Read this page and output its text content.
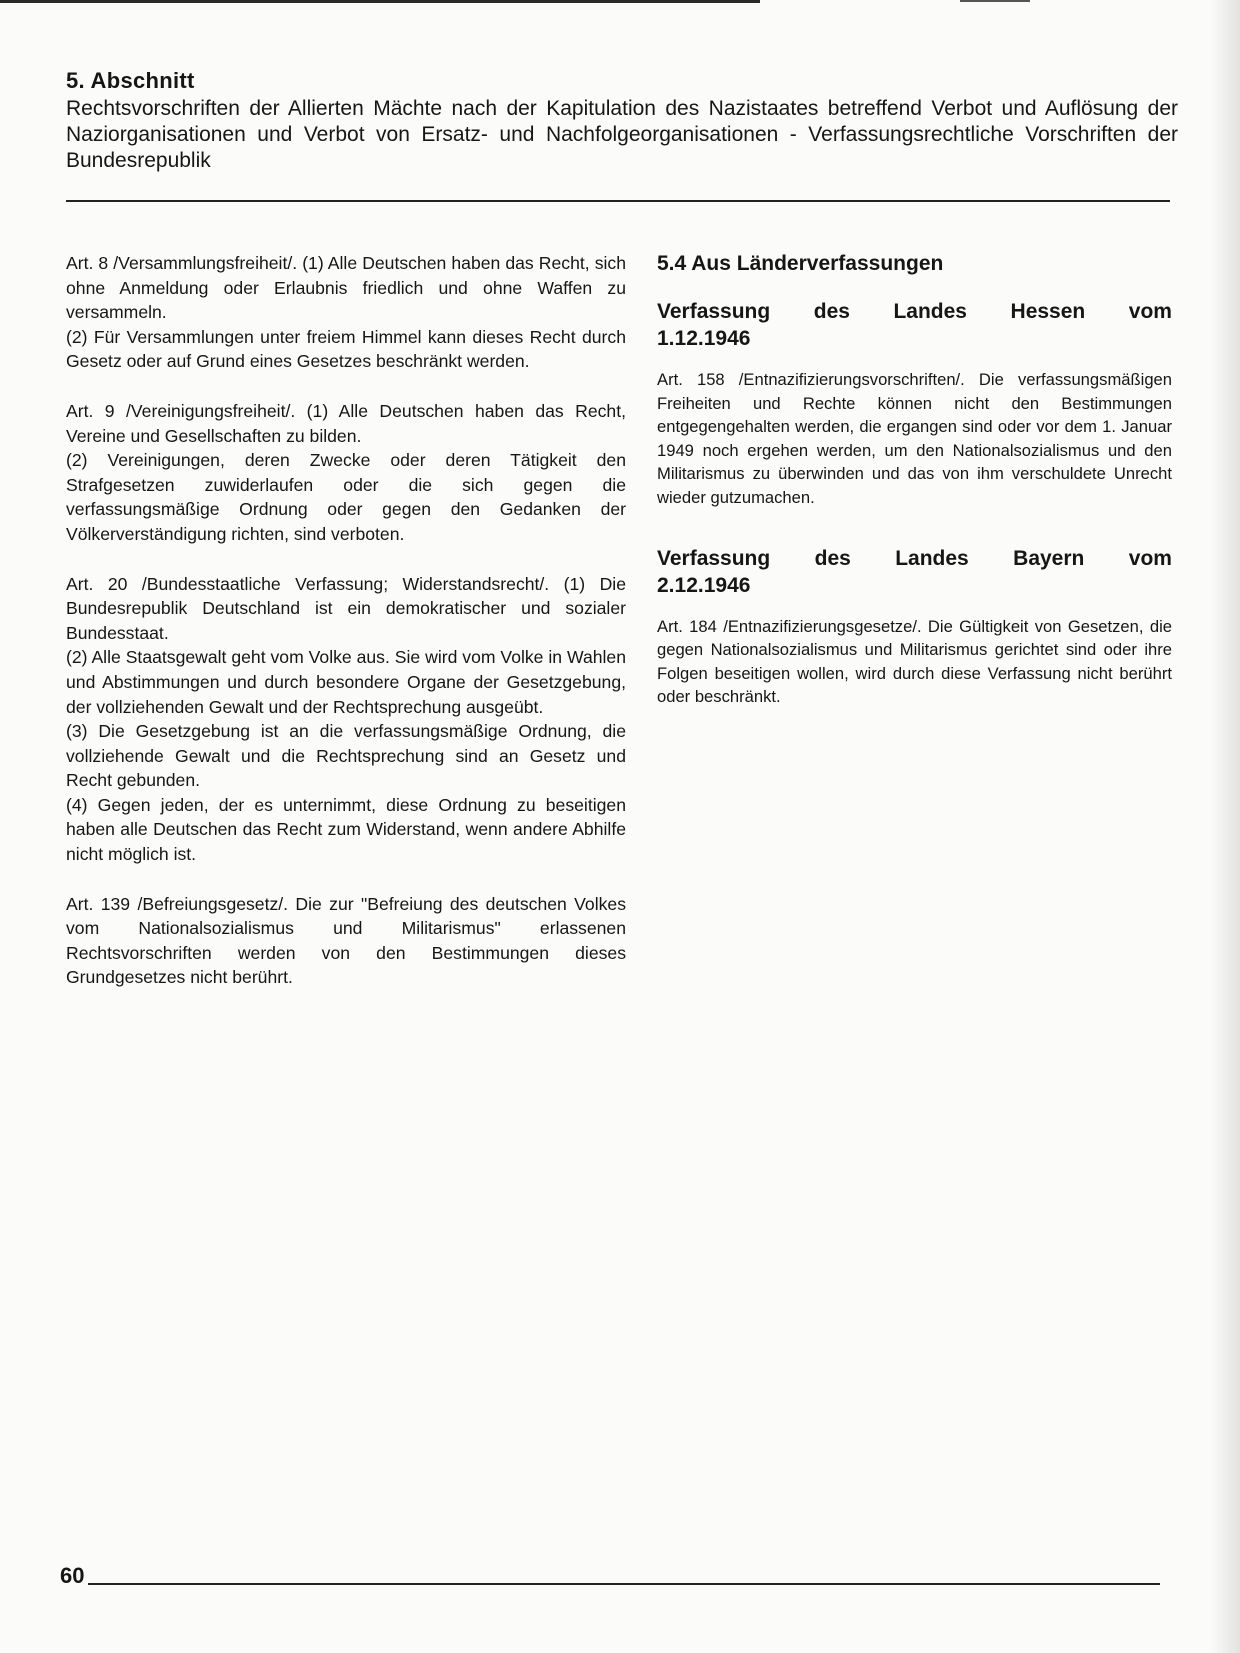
5. Abschnitt

Rechtsvorschriften der Allierten Mächte nach der Kapitulation des Nazistaates betreffend Verbot und Auflösung der Naziorganisationen und Verbot von Ersatz- und Nachfolgeorganisationen - Verfassungsrechtliche Vorschriften der Bundesrepublik

Art. 8 /Versammlungsfreiheit/. (1) Alle Deutschen haben das Recht, sich ohne Anmeldung oder Erlaubnis friedlich und ohne Waffen zu versammeln.

(2) Für Versammlungen unter freiem Himmel kann dieses Recht durch Gesetz oder auf Grund eines Gesetzes beschränkt werden.

Art. 9 /Vereinigungsfreiheit/. (1) Alle Deutschen haben das Recht, Vereine und Gesellschaften zu bilden.

(2) Vereinigungen, deren Zwecke oder deren Tätigkeit den Strafgesetzen zuwiderlaufen oder die sich gegen die verfassungsmäßige Ordnung oder gegen den Gedanken der Völkerverständigung richten, sind verboten.

Art. 20 /Bundesstaatliche Verfassung; Widerstandsrecht/. (1) Die Bundesrepublik Deutschland ist ein demokratischer und sozialer Bundesstaat.

(2) Alle Staatsgewalt geht vom Volke aus. Sie wird vom Volke in Wahlen und Abstimmungen und durch besondere Organe der Gesetzgebung, der vollziehenden Gewalt und der Rechtsprechung ausgeübt.

(3) Die Gesetzgebung ist an die verfassungsmäßige Ordnung, die vollziehende Gewalt und die Rechtsprechung sind an Gesetz und Recht gebunden.

(4) Gegen jeden, der es unternimmt, diese Ordnung zu beseitigen haben alle Deutschen das Recht zum Widerstand, wenn andere Abhilfe nicht möglich ist.

Art. 139 /Befreiungsgesetz/. Die zur "Befreiung des deutschen Volkes vom Nationalsozialismus und Militarismus" erlassenen Rechtsvorschriften werden von den Bestimmungen dieses Grundgesetzes nicht berührt.

5.4 Aus Länderverfassungen
Verfassung des Landes Hessen vom
1.12.1946

Art. 158 /Entnazifizierungsvorschriften/. Die verfassungsmäßigen Freiheiten und Rechte können nicht den Bestimmungen entgegengehalten werden, die ergangen sind oder vor dem 1. Januar 1949 noch ergehen werden, um den Nationalsozialismus und den Militarismus zu überwinden und das von ihm verschuldete Unrecht wieder gutzumachen.

Verfassung des Landes Bayern vom
2.12.1946

Art. 184 /Entnazifizierungsgesetze/. Die Gültigkeit von Gesetzen, die gegen Nationalsozialismus und Militarismus gerichtet sind oder ihre Folgen beseitigen wollen, wird durch diese Verfassung nicht berührt oder beschränkt.

60
